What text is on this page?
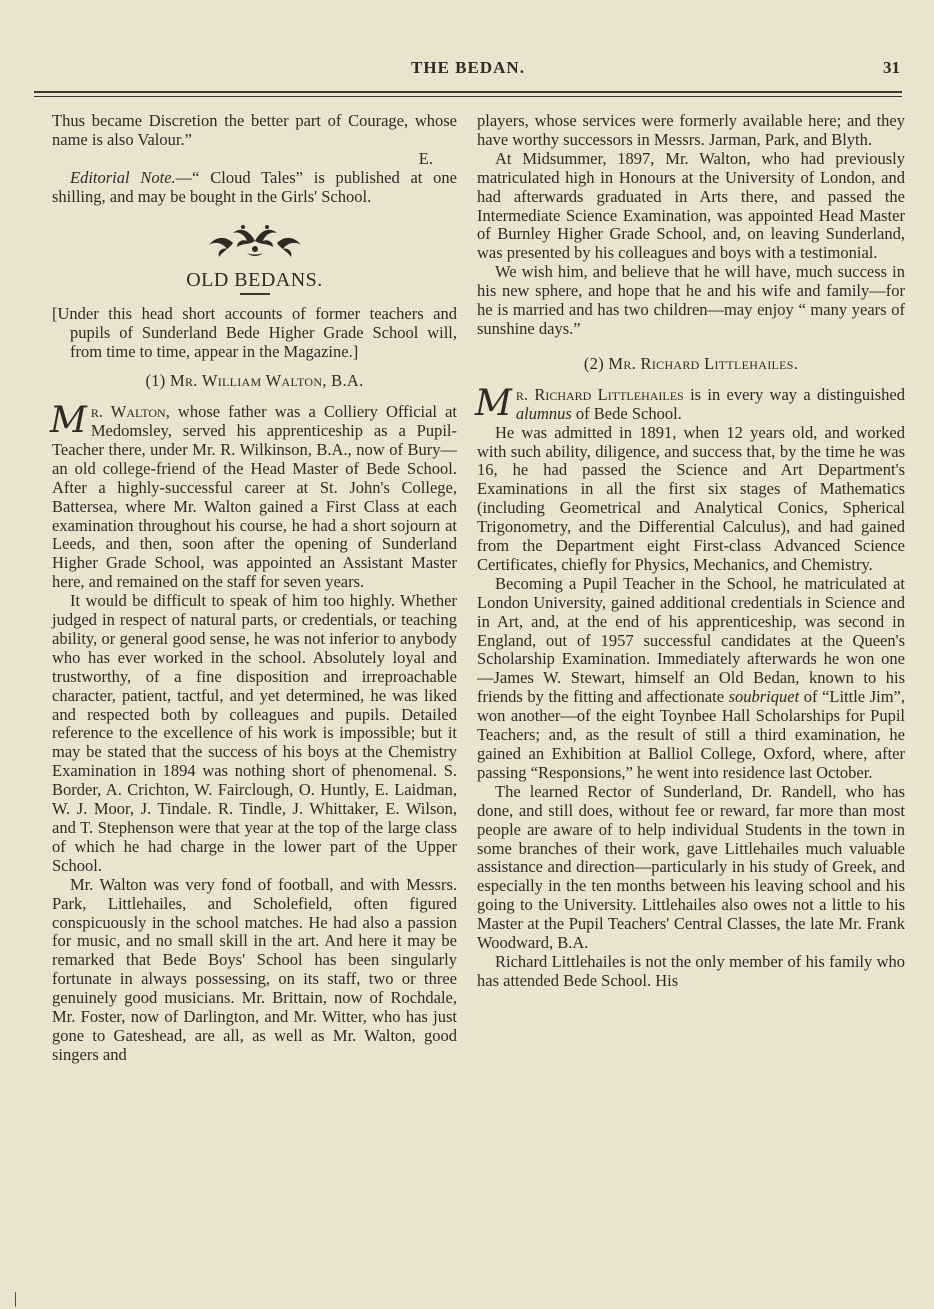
THE BEDAN.	31

Thus became Discretion the better part of Courage, whose name is also Valour.”

E.

Editorial Note.—“ Cloud Tales” is published at one shilling, and may be bought in the Girls' School.

OLD BEDANS.

[Under this head short accounts of former teachers and pupils of Sunderland Bede Higher Grade School will, from time to time, appear in the Magazine.]

(1) Mr. William Walton, B.A.

Mr. Walton, whose father was a Colliery Official at Medomsley, served his apprenticeship as a Pupil-Teacher there, under Mr. R. Wilkinson, B.A., now of Bury—an old college-friend of the Head Master of Bede School. After a highly-successful career at St. John's College, Battersea, where Mr. Walton gained a First Class at each examination throughout his course, he had a short sojourn at Leeds, and then, soon after the opening of Sunderland Higher Grade School, was appointed an Assistant Master here, and remained on the staff for seven years.

It would be difficult to speak of him too highly. Whether judged in respect of natural parts, or credentials, or teaching ability, or general good sense, he was not inferior to anybody who has ever worked in the school. Absolutely loyal and trustworthy, of a fine disposition and irreproachable character, patient, tactful, and yet determined, he was liked and respected both by colleagues and pupils. Detailed reference to the excellence of his work is impossible; but it may be stated that the success of his boys at the Chemistry Examination in 1894 was nothing short of phenomenal. S. Border, A. Crichton, W. Fairclough, O. Huntly, E. Laidman, W. J. Moor, J. Tindale. R. Tindle, J. Whittaker, E. Wilson, and T. Stephenson were that year at the top of the large class of which he had charge in the lower part of the Upper School.

Mr. Walton was very fond of football, and with Messrs. Park, Littlehailes, and Scholefield, often figured conspicuously in the school matches. He had also a passion for music, and no small skill in the art. And here it may be remarked that Bede Boys' School has been singularly fortunate in always possessing, on its staff, two or three genuinely good musicians. Mr. Brittain, now of Rochdale, Mr. Foster, now of Darlington, and Mr. Witter, who has just gone to Gateshead, are all, as well as Mr. Walton, good singers and

players, whose services were formerly available here; and they have worthy successors in Messrs. Jarman, Park, and Blyth.

At Midsummer, 1897, Mr. Walton, who had previously matriculated high in Honours at the University of London, and had afterwards graduated in Arts there, and passed the Intermediate Science Examination, was appointed Head Master of Burnley Higher Grade School, and, on leaving Sunderland, was presented by his colleagues and boys with a testimonial.

We wish him, and believe that he will have, much success in his new sphere, and hope that he and his wife and family—for he is married and has two children—may enjoy “ many years of sunshine days.”

(2) Mr. Richard Littlehailes.

Mr. Richard Littlehailes is in every way a distinguished alumnus of Bede School.

He was admitted in 1891, when 12 years old, and worked with such ability, diligence, and success that, by the time he was 16, he had passed the Science and Art Department's Examinations in all the first six stages of Mathematics (including Geometrical and Analytical Conics, Spherical Trigonometry, and the Differential Calculus), and had gained from the Department eight First-class Advanced Science Certificates, chiefly for Physics, Mechanics, and Chemistry.

Becoming a Pupil Teacher in the School, he matriculated at London University, gained additional credentials in Science and in Art, and, at the end of his apprenticeship, was second in England, out of 1957 successful candidates at the Queen's Scholarship Examination. Immediately afterwards he won one—James W. Stewart, himself an Old Bedan, known to his friends by the fitting and affectionate soubriquet of “Little Jim”, won another—of the eight Toynbee Hall Scholarships for Pupil Teachers; and, as the result of still a third examination, he gained an Exhibition at Balliol College, Oxford, where, after passing “Responsions,” he went into residence last October.

The learned Rector of Sunderland, Dr. Randell, who has done, and still does, without fee or reward, far more than most people are aware of to help individual Students in the town in some branches of their work, gave Littlehailes much valuable assistance and direction—particularly in his study of Greek, and especially in the ten months between his leaving school and his going to the University. Littlehailes also owes not a little to his Master at the Pupil Teachers' Central Classes, the late Mr. Frank Woodward, B.A.

Richard Littlehailes is not the only member of his family who has attended Bede School. His

|
